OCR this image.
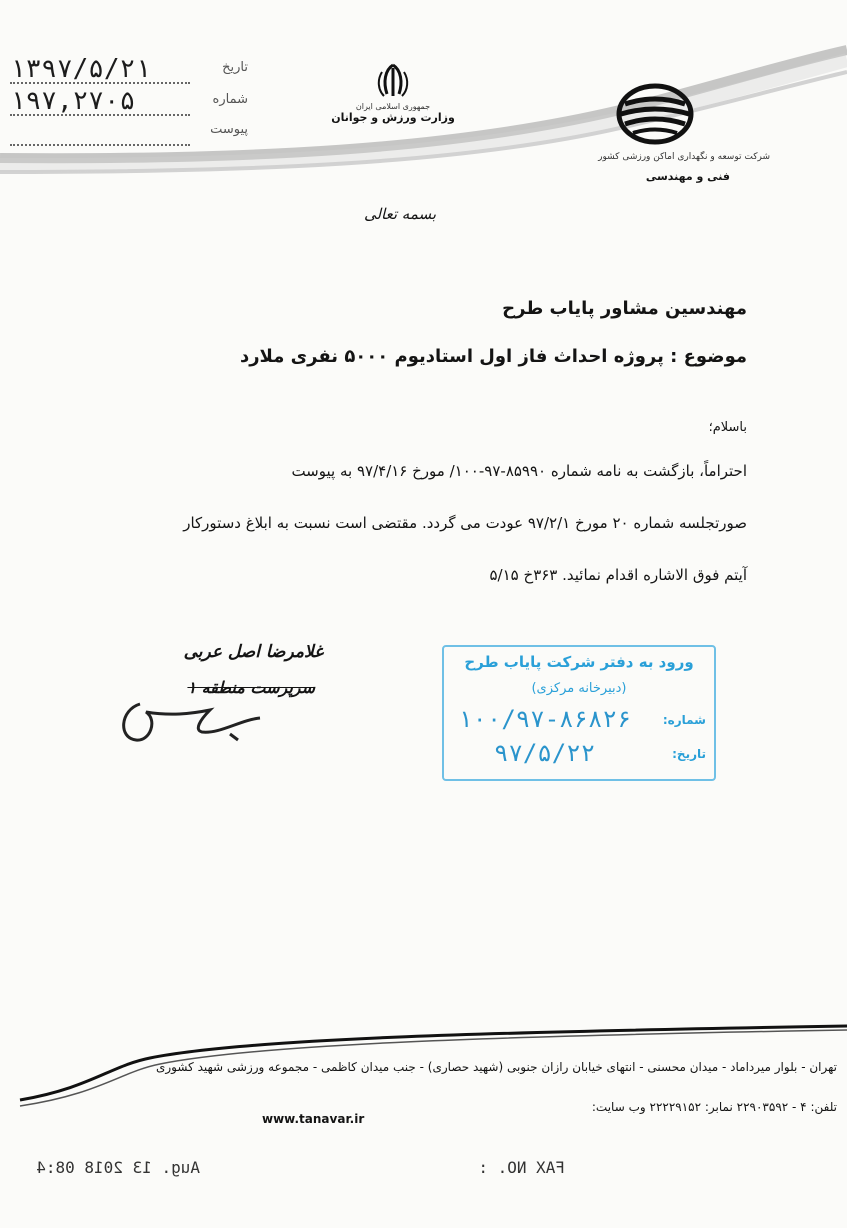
تاریخ
۱۳۹۷/۵/۲۱
شماره
۱۹۷,۲۷۰۵
پیوست
جمهوری اسلامی ایران
وزارت ورزش و جوانان
شرکت توسعه و نگهداری اماکن ورزشی کشور
فنی و مهندسی
بسمه تعالی
مهندسین مشاور پایاب طرح
موضوع : پروژه احداث فاز اول استادیوم ۵۰۰۰ نفری ملارد
باسلام؛
احتراماً، بازگشت به نامه شماره ۸۵۹۹۰-۹۷-۱۰۰/ مورخ ۹۷/۴/۱۶ به پیوست
صورتجلسه شماره ۲۰ مورخ ۹۷/۲/۱ عودت می گردد. مقتضی است نسبت به ابلاغ دستورکار
آیتم فوق الاشاره اقدام نمائید. ۳۶۳خ ۵/۱۵
غلامرضا اصل عربی
سرپرست منطقه ۱
ورود به دفتر شرکت پایاب طرح
(دبیرخانه مرکزی)
شماره:
۱۰۰/۹۷-۸۶۸۲۶
تاریخ:
۹۷/۵/۲۲
تهران - بلوار میرداماد - میدان محسنی - انتهای خیابان رازان جنوبی (شهید حصاری) - جنب میدان کاظمی - مجموعه ورزشی شهید کشوری
تلفن: ۴ - ۲۲۹۰۳۵۹۲ نمابر: ۲۲۲۲۹۱۵۲ وب سایت:
www.tanavar.ir
Aug. 13 2018 08:4	FAX NO. :
